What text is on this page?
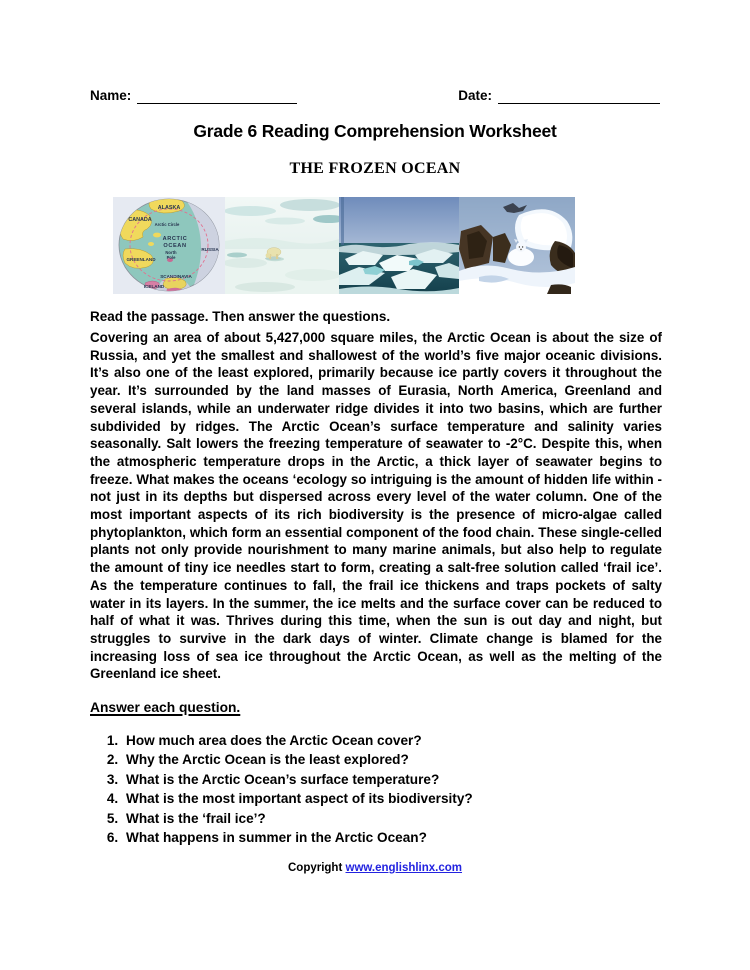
Name:	Date:
Grade 6 Reading Comprehension Worksheet
THE FROZEN OCEAN
ALASKA
CANADA
Arctic Circle
ARCTIC
OCEAN
RUSSIA
North
Pole
GREENLAND
SCANDINAVIA
ICELAND

Read the passage. Then answer the questions.

Covering an area of about 5,427,000 square miles, the Arctic Ocean is about the size of Russia, and yet the smallest and shallowest of the world’s five major oceanic divisions. It’s also one of the least explored, primarily because ice partly covers it throughout the year. It’s surrounded by the land masses of Eurasia, North America, Greenland and several islands, while an underwater ridge divides it into two basins, which are further subdivided by ridges. The Arctic Ocean’s surface temperature and salinity varies seasonally. Salt lowers the freezing temperature of seawater to -2°C. Despite this, when the atmospheric temperature drops in the Arctic, a thick layer of seawater begins to freeze. What makes the oceans ‘ecology so intriguing is the amount of hidden life within - not just in its depths but dispersed across every level of the water column. One of the most important aspects of its rich biodiversity is the presence of micro-algae called phytoplankton, which form an essential component of the food chain. These single-celled plants not only provide nourishment to many marine animals, but also help to regulate the amount of tiny ice needles start to form, creating a salt-free solution called ‘frail ice’. As the temperature continues to fall, the frail ice thickens and traps pockets of salty water in its layers. In the summer, the ice melts and the surface cover can be reduced to half of what it was. Thrives during this time, when the sun is out day and night, but struggles to survive in the dark days of winter. Climate change is blamed for the increasing loss of sea ice throughout the Arctic Ocean, as well as the melting of the Greenland ice sheet.

Answer each question.
1. How much area does the Arctic Ocean cover?
2. Why the Arctic Ocean is the least explored?
3. What is the Arctic Ocean’s surface temperature?
4. What is the most important aspect of its biodiversity?
5. What is the ‘frail ice’?
6. What happens in summer in the Arctic Ocean?
Copyright www.englishlinx.com
